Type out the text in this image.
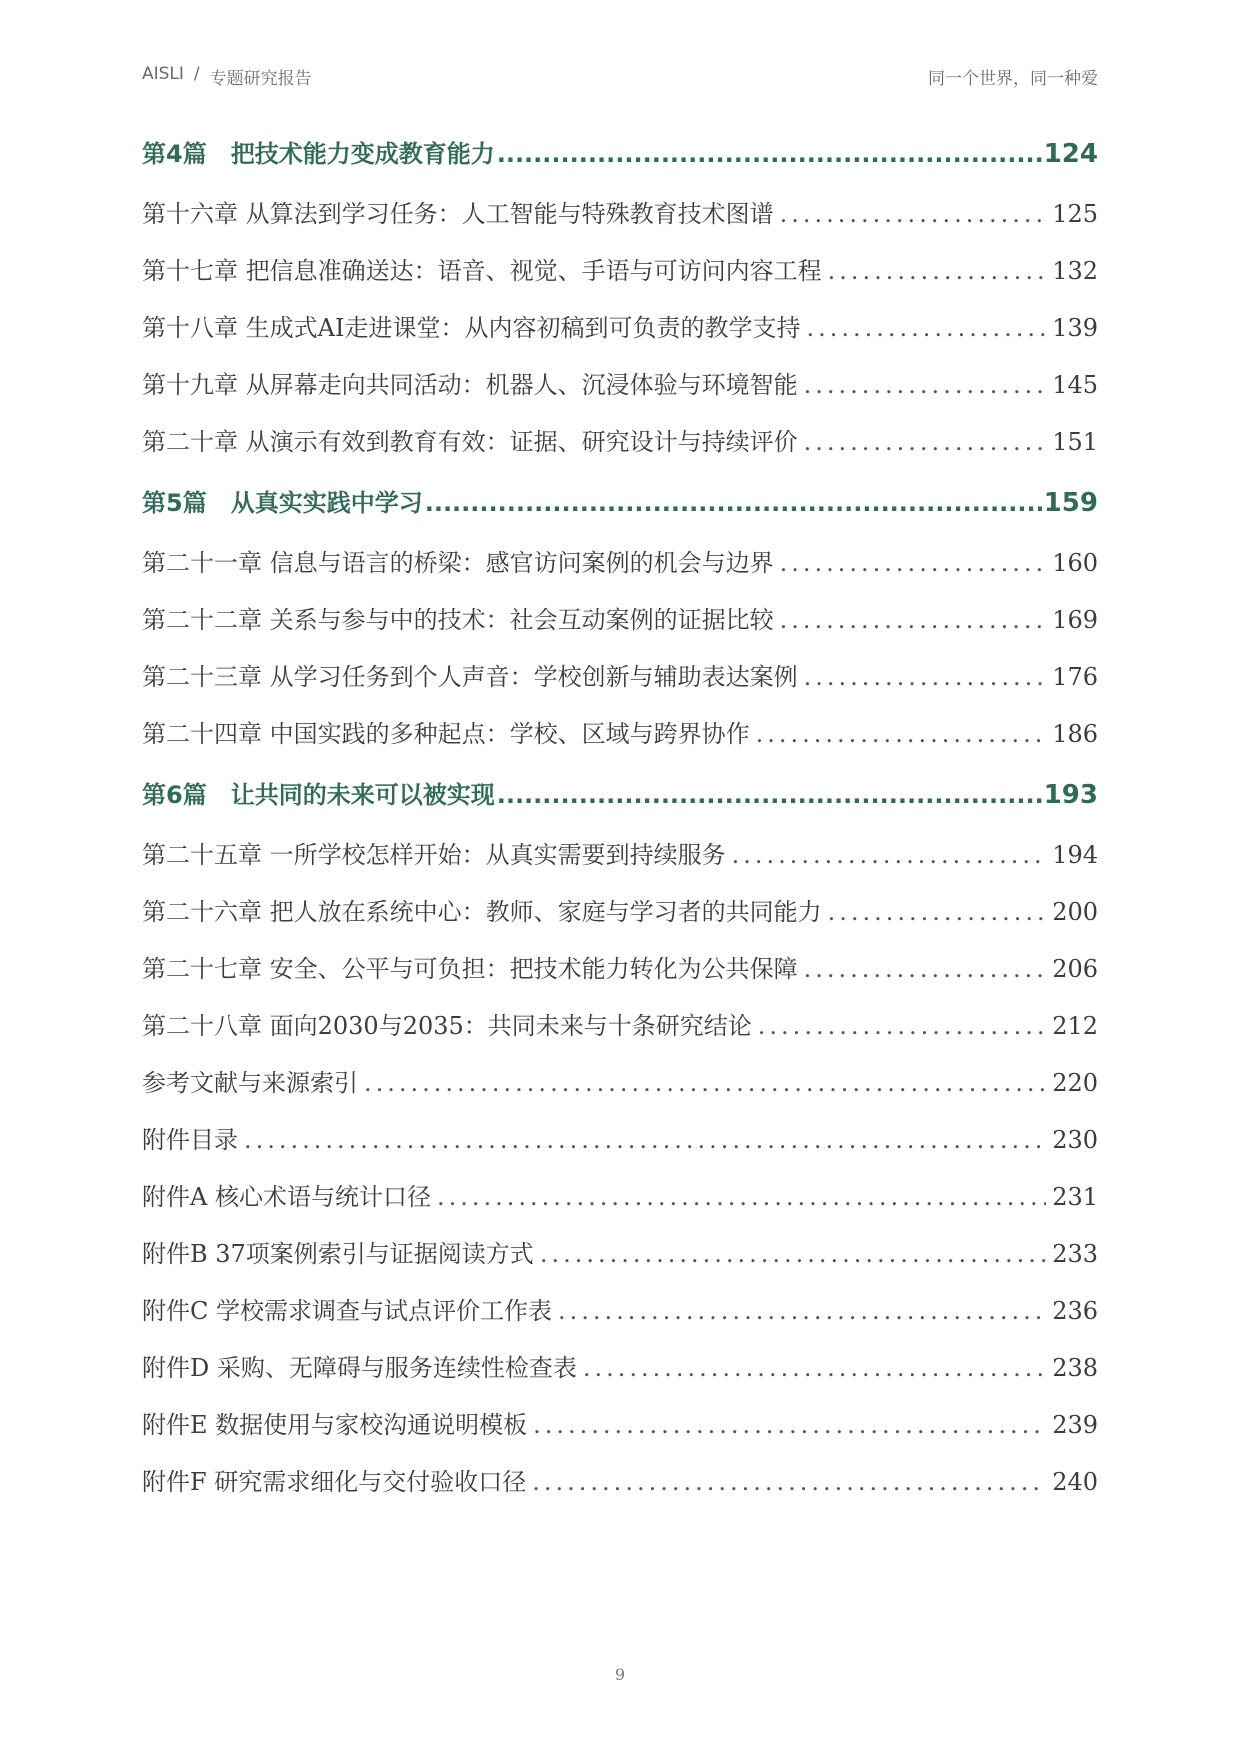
AISLI / 专题研究报告	同一个世界，同一种爱
第4篇　把技术能力变成教育能力 .....	124
第十六章 从算法到学习任务：人工智能与特殊教育技术图谱 .....	125
第十七章 把信息准确送达：语音、视觉、手语与可访问内容工程 .....	132
第十八章 生成式AI走进课堂：从内容初稿到可负责的教学支持 .....	139
第十九章 从屏幕走向共同活动：机器人、沉浸体验与环境智能 .....	145
第二十章 从演示有效到教育有效：证据、研究设计与持续评价 .....	151
第5篇　从真实实践中学习 .....	159
第二十一章 信息与语言的桥梁：感官访问案例的机会与边界 .....	160
第二十二章 关系与参与中的技术：社会互动案例的证据比较 .....	169
第二十三章 从学习任务到个人声音：学校创新与辅助表达案例 .....	176
第二十四章 中国实践的多种起点：学校、区域与跨界协作 .....	186
第6篇　让共同的未来可以被实现 .....	193
第二十五章 一所学校怎样开始：从真实需要到持续服务 .....	194
第二十六章 把人放在系统中心：教师、家庭与学习者的共同能力 .....	200
第二十七章 安全、公平与可负担：把技术能力转化为公共保障 .....	206
第二十八章 面向2030与2035：共同未来与十条研究结论 .....	212
参考文献与来源索引 .....	220
附件目录 .....	230
附件A 核心术语与统计口径 .....	231
附件B 37项案例索引与证据阅读方式 .....	233
附件C 学校需求调查与试点评价工作表 .....	236
附件D 采购、无障碍与服务连续性检查表 .....	238
附件E 数据使用与家校沟通说明模板 .....	239
附件F 研究需求细化与交付验收口径 .....	240
9
